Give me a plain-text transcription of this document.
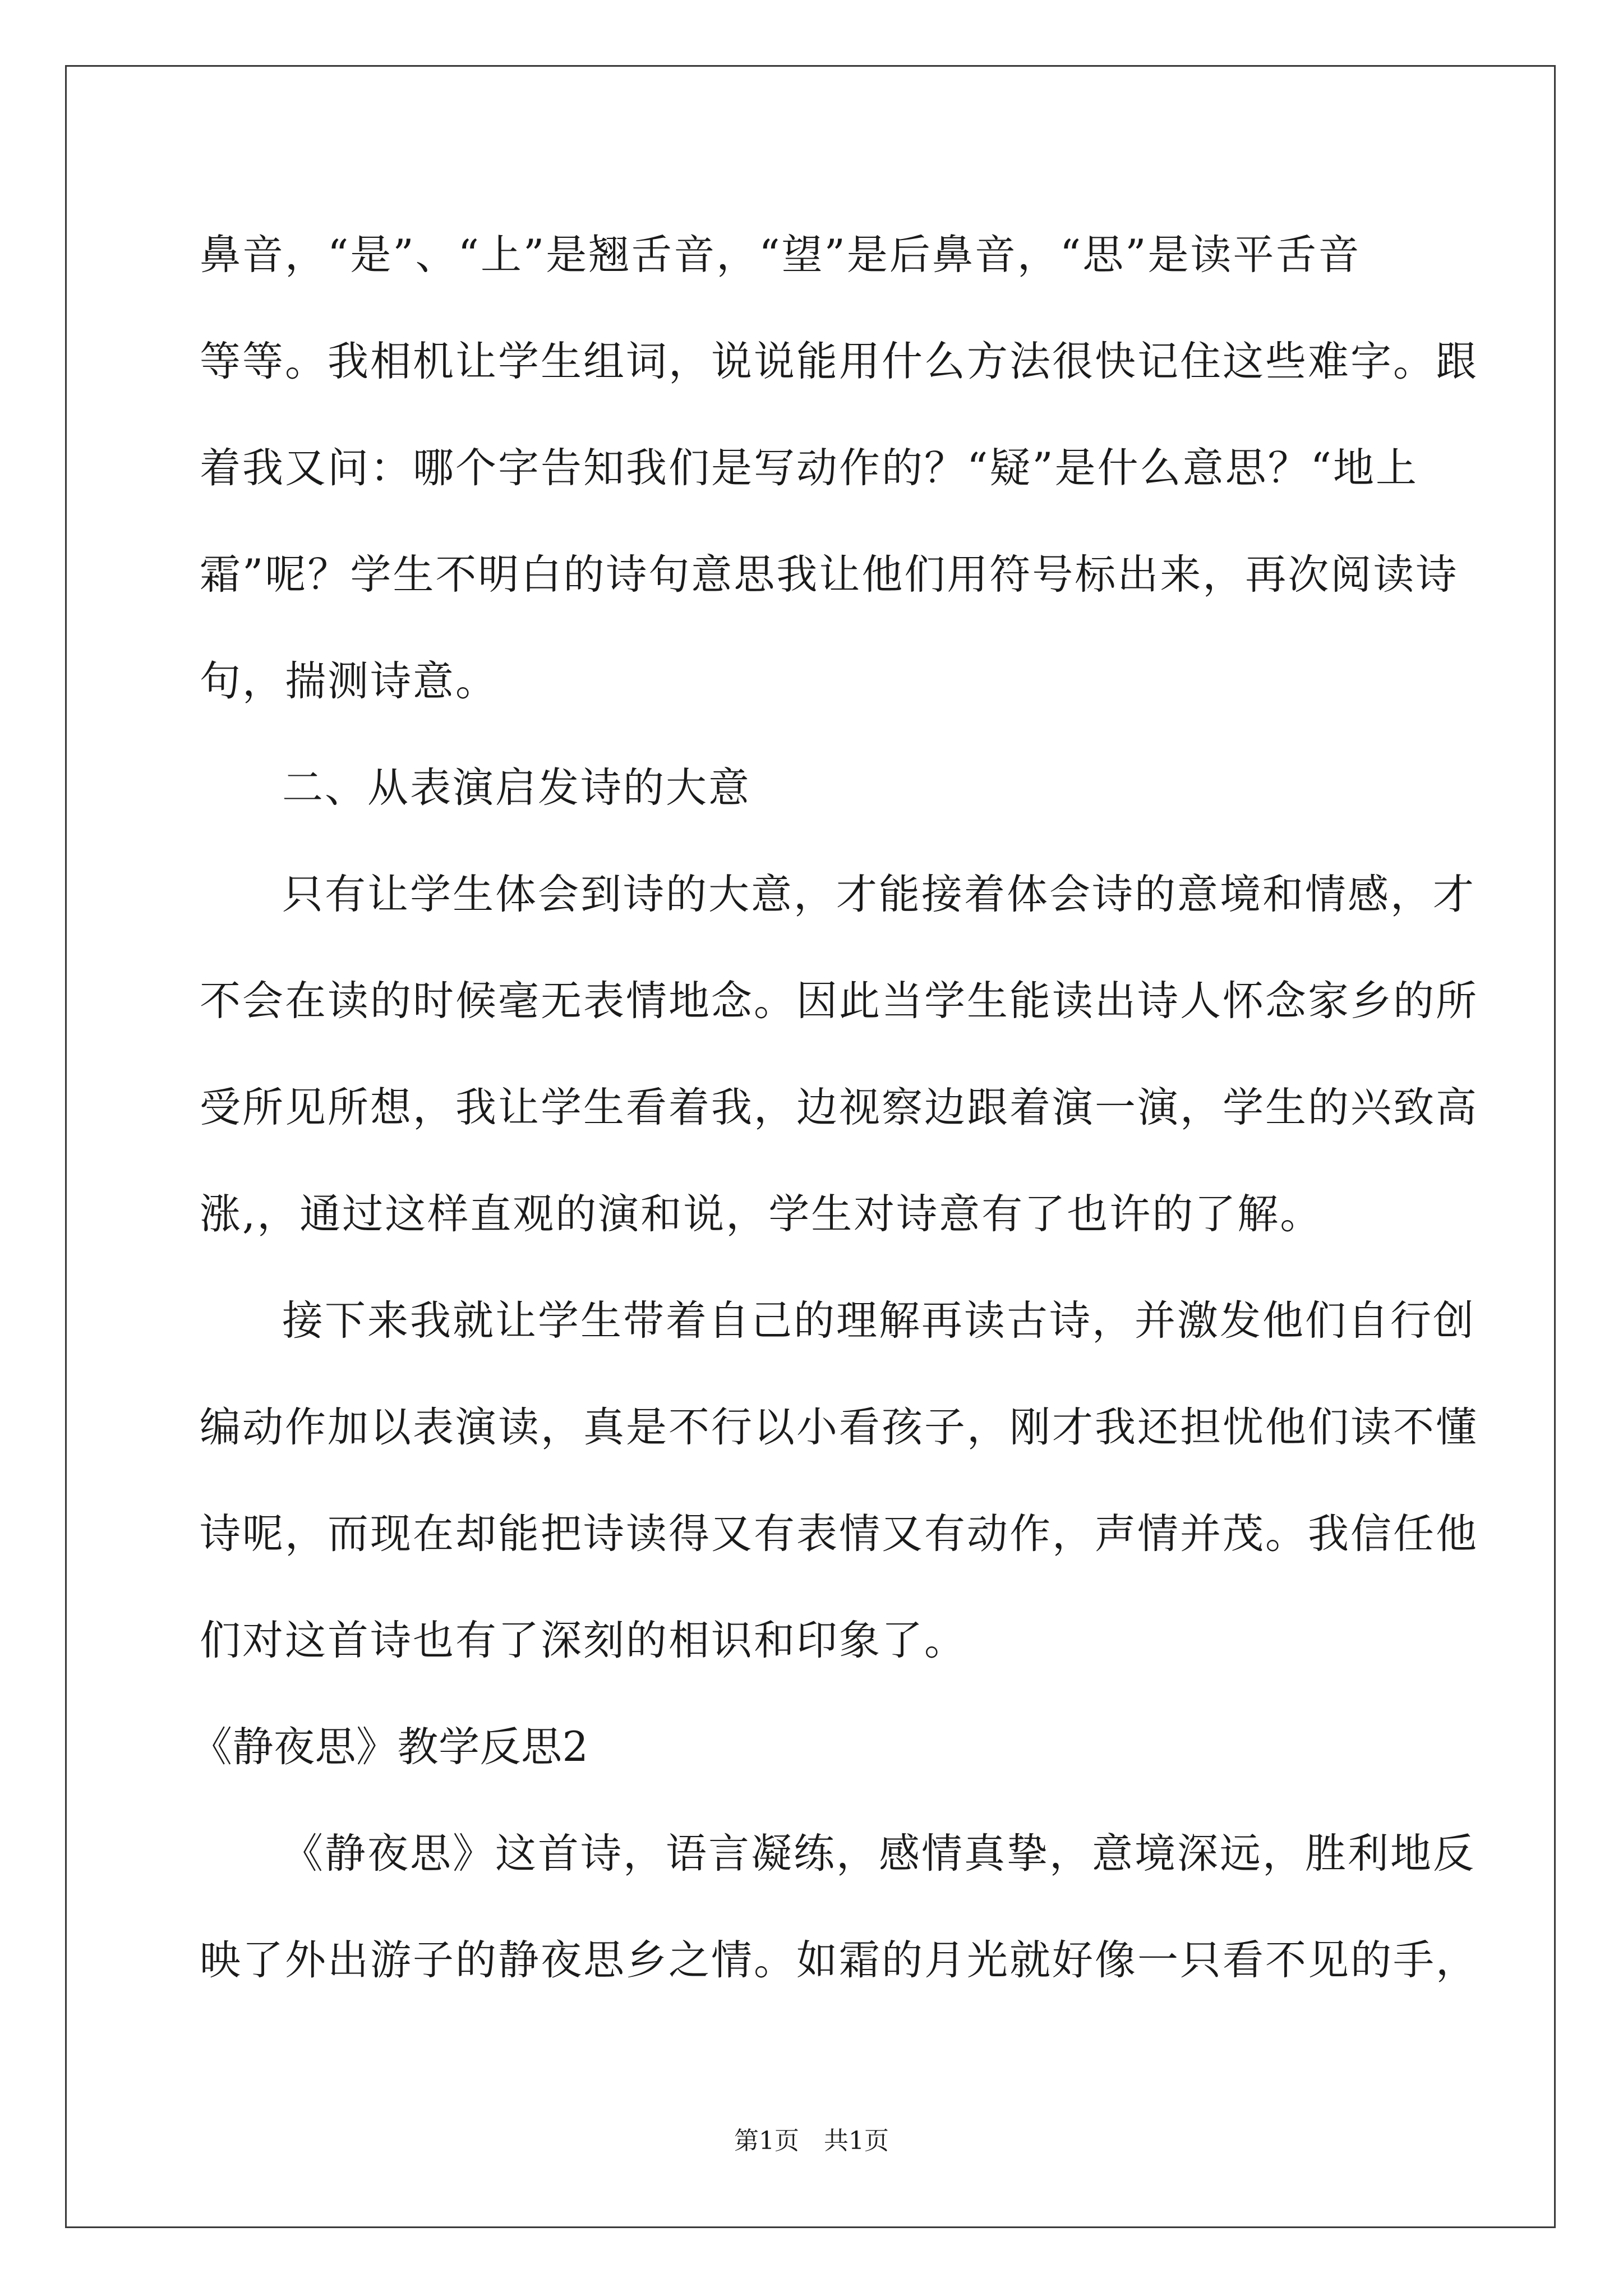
鼻音，“是”、“上”是翘舌音，“望”是后鼻音，“思”是读平舌音
等等。我相机让学生组词，说说能用什么方法很快记住这些难字。跟
着我又问：哪个字告知我们是写动作的？“疑”是什么意思？“地上
霜”呢？学生不明白的诗句意思我让他们用符号标出来，再次阅读诗
句，揣测诗意。
二、从表演启发诗的大意
只有让学生体会到诗的大意，才能接着体会诗的意境和情感，才
不会在读的时候毫无表情地念。因此当学生能读出诗人怀念家乡的所
受所见所想，我让学生看着我，边视察边跟着演一演，学生的兴致高
涨,，通过这样直观的演和说，学生对诗意有了也许的了解。
接下来我就让学生带着自己的理解再读古诗，并激发他们自行创
编动作加以表演读，真是不行以小看孩子，刚才我还担忧他们读不懂
诗呢，而现在却能把诗读得又有表情又有动作，声情并茂。我信任他
们对这首诗也有了深刻的相识和印象了。
《静夜思》教学反思2
《静夜思》这首诗，语言凝练，感情真挚，意境深远，胜利地反
映了外出游子的静夜思乡之情。如霜的月光就好像一只看不见的手，
第1页　共1页
